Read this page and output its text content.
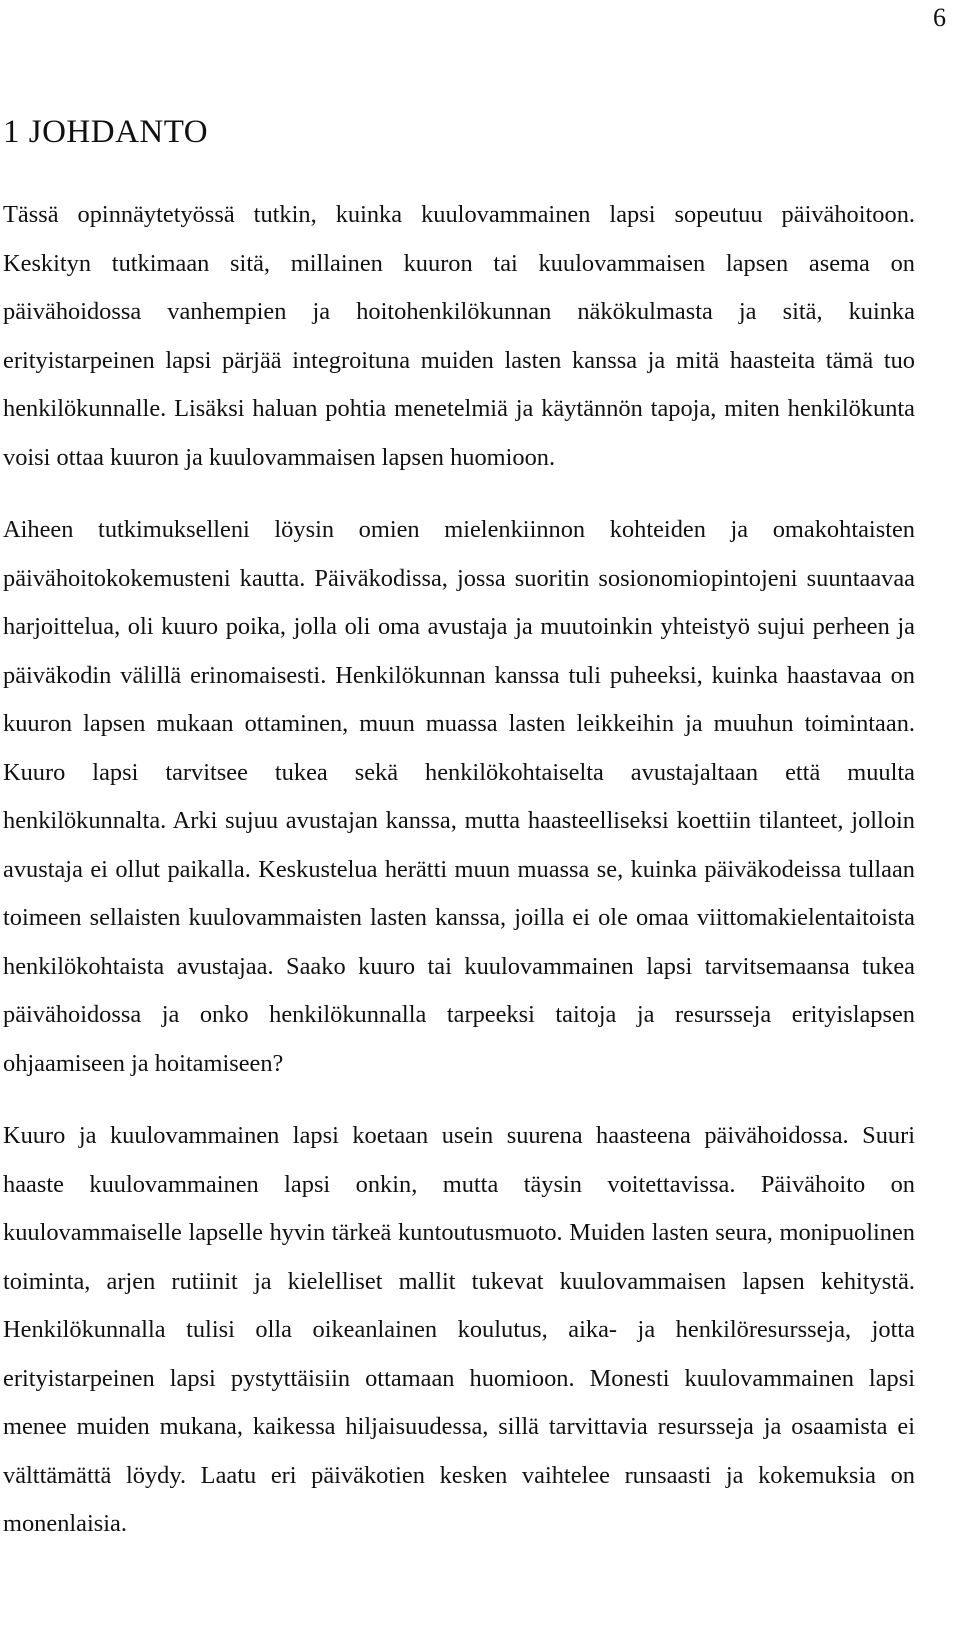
6
1 JOHDANTO

Tässä opinnäytetyössä tutkin, kuinka kuulovammainen lapsi sopeutuu päivähoitoon. Keskityn tutkimaan sitä, millainen kuuron tai kuulovammaisen lapsen asema on päivähoidossa vanhempien ja hoitohenkilökunnan näkökulmasta ja sitä, kuinka erityistarpeinen lapsi pärjää integroituna muiden lasten kanssa ja mitä haasteita tämä tuo henkilökunnalle. Lisäksi haluan pohtia menetelmiä ja käytännön tapoja, miten henkilökunta voisi ottaa kuuron ja kuulovammaisen lapsen huomioon.

Aiheen tutkimukselleni löysin omien mielenkiinnon kohteiden ja omakohtaisten päivähoitokokemusteni kautta. Päiväkodissa, jossa suoritin sosionomiopintojeni suuntaavaa harjoittelua, oli kuuro poika, jolla oli oma avustaja ja muutoinkin yhteistyö sujui perheen ja päiväkodin välillä erinomaisesti. Henkilökunnan kanssa tuli puheeksi, kuinka haastavaa on kuuron lapsen mukaan ottaminen, muun muassa lasten leikkeihin ja muuhun toimintaan. Kuuro lapsi tarvitsee tukea sekä henkilökohtaiselta avustajaltaan että muulta henkilökunnalta. Arki sujuu avustajan kanssa, mutta haasteelliseksi koettiin tilanteet, jolloin avustaja ei ollut paikalla. Keskustelua herätti muun muassa se, kuinka päiväkodeissa tullaan toimeen sellaisten kuulovammaisten lasten kanssa, joilla ei ole omaa viittomakielentaitoista henkilökohtaista avustajaa. Saako kuuro tai kuulovammainen lapsi tarvitsemaansa tukea päivähoidossa ja onko henkilökunnalla tarpeeksi taitoja ja resursseja erityislapsen ohjaamiseen ja hoitamiseen?

Kuuro ja kuulovammainen lapsi koetaan usein suurena haasteena päivähoidossa. Suuri haaste kuulovammainen lapsi onkin, mutta täysin voitettavissa. Päivähoito on kuulovammaiselle lapselle hyvin tärkeä kuntoutusmuoto. Muiden lasten seura, monipuolinen toiminta, arjen rutiinit ja kielelliset mallit tukevat kuulovammaisen lapsen kehitystä. Henkilökunnalla tulisi olla oikeanlainen koulutus, aika- ja henkilöresursseja, jotta erityistarpeinen lapsi pystyttäisiin ottamaan huomioon. Monesti kuulovammainen lapsi menee muiden mukana, kaikessa hiljaisuudessa, sillä tarvittavia resursseja ja osaamista ei välttämättä löydy. Laatu eri päiväkotien kesken vaihtelee runsaasti ja kokemuksia on monenlaisia.
